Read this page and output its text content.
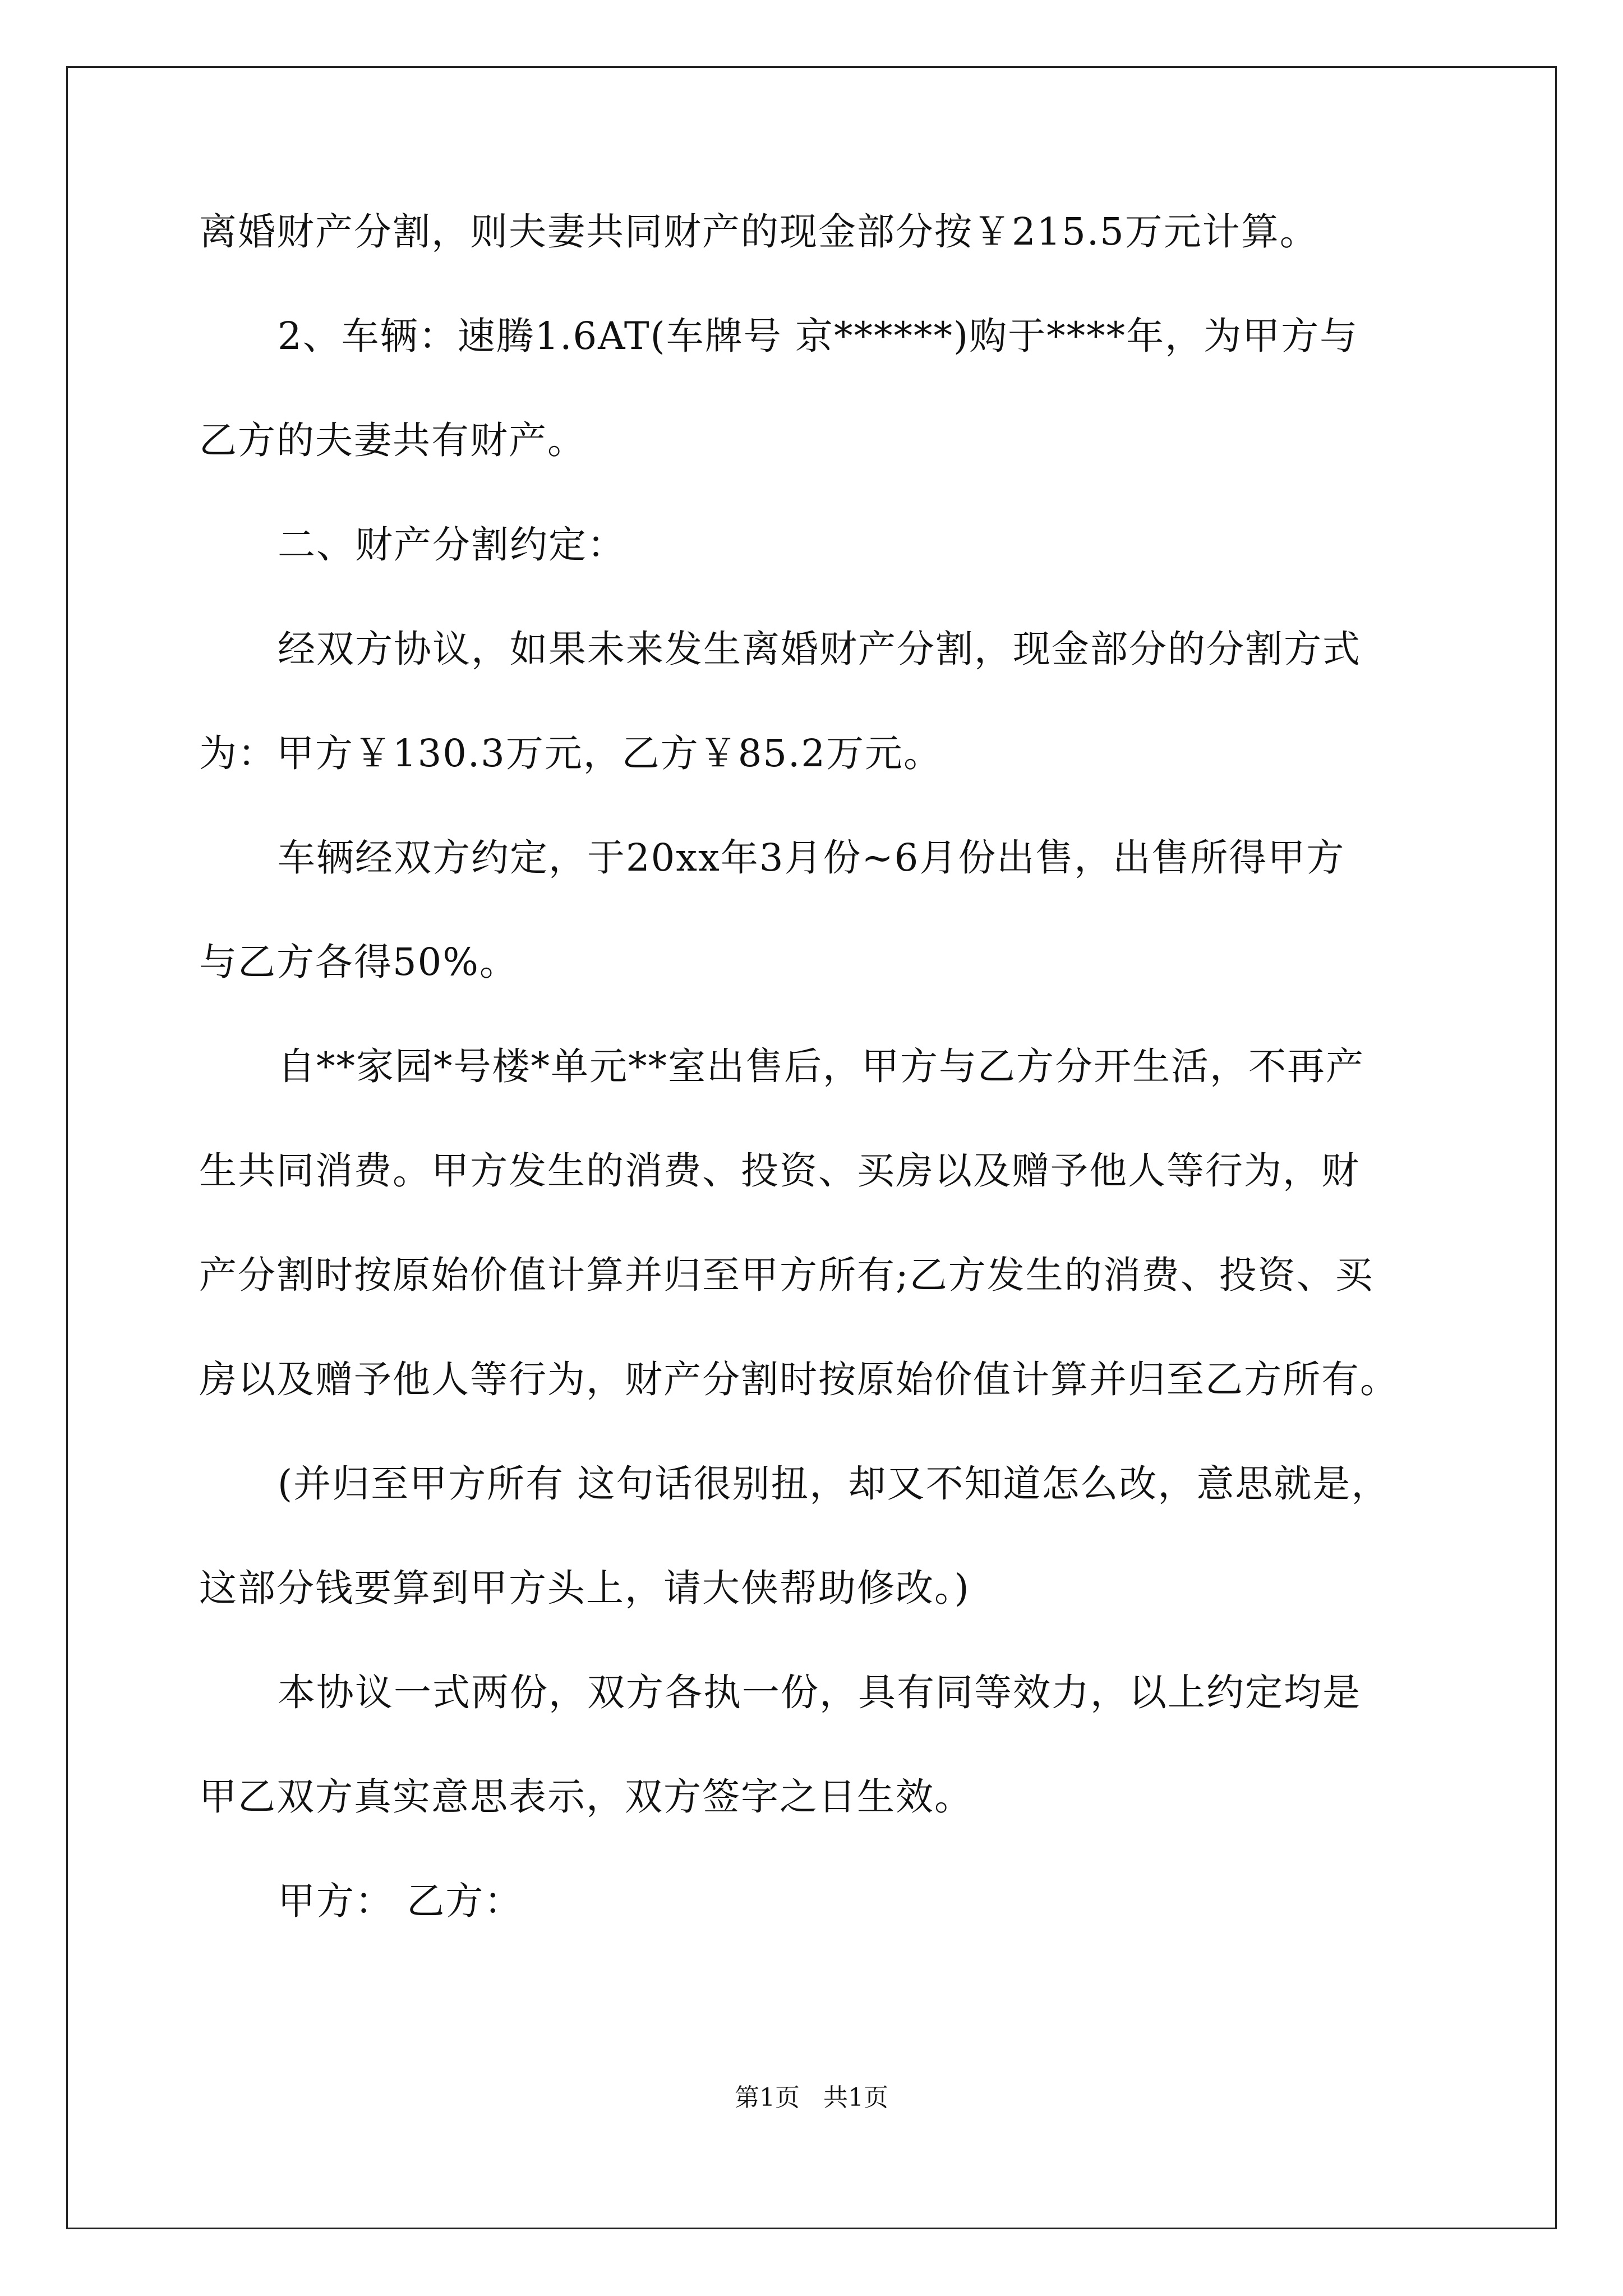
离婚财产分割，则夫妻共同财产的现金部分按￥215.5万元计算。
2、车辆：速腾1.6AT(车牌号 京******)购于****年，为甲方与
乙方的夫妻共有财产。
二、财产分割约定：
经双方协议，如果未来发生离婚财产分割，现金部分的分割方式
为：甲方￥130.3万元，乙方￥85.2万元。
车辆经双方约定，于20xx年3月份~6月份出售，出售所得甲方
与乙方各得50%。
自**家园*号楼*单元**室出售后，甲方与乙方分开生活，不再产
生共同消费。甲方发生的消费、投资、买房以及赠予他人等行为，财
产分割时按原始价值计算并归至甲方所有;乙方发生的消费、投资、买
房以及赠予他人等行为，财产分割时按原始价值计算并归至乙方所有。
(并归至甲方所有 这句话很别扭，却又不知道怎么改，意思就是，
这部分钱要算到甲方头上，请大侠帮助修改。)
本协议一式两份，双方各执一份，具有同等效力，以上约定均是
甲乙双方真实意思表示，双方签字之日生效。
甲方： 乙方：
第1页   共1页
